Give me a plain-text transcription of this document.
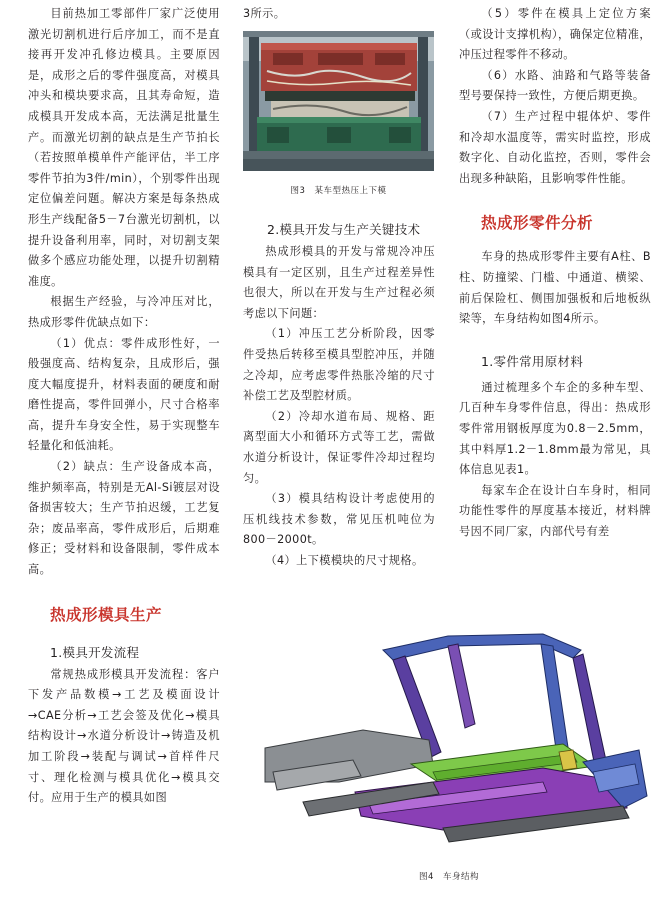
目前热加工零部件厂家广泛使用激光切割机进行后序加工，而不是直接再开发冲孔修边模具。主要原因是，成形之后的零件强度高，对模具冲头和模块要求高，且其寿命短，造成模具开发成本高，无法满足批量生产。而激光切割的缺点是生产节拍长（若按照单模单件产能评估，半工序零件节拍为3件/min），个别零件出现定位偏差问题。解决方案是每条热成形生产线配备5－7台激光切割机，以提升设备利用率，同时，对切割支架做多个感应功能处理，以提升切割精准度。

根据生产经验，与冷冲压对比，热成形零件优缺点如下：

（1）优点：零件成形性好，一般强度高、结构复杂，且成形后，强度大幅度提升，材料表面的硬度和耐磨性提高，零件回弹小，尺寸合格率高，提升车身安全性，易于实现整车轻量化和低油耗。

（2）缺点：生产设备成本高，维护频率高，特别是无Al-Si镀层对设备损害较大；生产节拍迟缓，工艺复杂；废品率高，零件成形后，后期难修正；受材料和设备限制，零件成本高。

热成形模具生产
1.模具开发流程

常规热成形模具开发流程：客户下发产品数模→工艺及模面设计→CAE分析→工艺会签及优化→模具结构设计→水道分析设计→铸造及机加工阶段→装配与调试→首样件尺寸、理化检测与模具优化→模具交付。应用于生产的模具如图

3所示。

图3　某车型热压上下模
2.模具开发与生产关键技术

热成形模具的开发与常规冷冲压模具有一定区别，且生产过程差异性也很大，所以在开发与生产过程必须考虑以下问题：

（1）冲压工艺分析阶段，因零件受热后转移至模具型腔冲压，并随之冷却，应考虑零件热胀冷缩的尺寸补偿工艺及型腔材质。

（2）冷却水道布局、规格、距离型面大小和循环方式等工艺，需做水道分析设计，保证零件冷却过程均匀。

（3）模具结构设计考虑使用的压机线技术参数，常见压机吨位为800－2000t。

（4）上下模模块的尺寸规格。

（5）零件在模具上定位方案（或设计支撑机构），确保定位精准，冲压过程零件不移动。

（6）水路、油路和气路等装备型号要保持一致性，方便后期更换。

（7）生产过程中辊体炉、零件和冷却水温度等，需实时监控，形成数字化、自动化监控，否则，零件会出现多种缺陷，且影响零件性能。

热成形零件分析

车身的热成形零件主要有A柱、B柱、防撞梁、门槛、中通道、横梁、前后保险杠、侧围加强板和后地板纵梁等，车身结构如图4所示。

1.零件常用原材料

通过梳理多个车企的多种车型、几百种车身零件信息，得出：热成形零件常用钢板厚度为0.8－2.5mm，其中料厚1.2－1.8mm最为常见，具体信息见表1。

每家车企在设计白车身时，相同功能性零件的厚度基本接近，材料牌号因不同厂家，内部代号有差

图4　车身结构
